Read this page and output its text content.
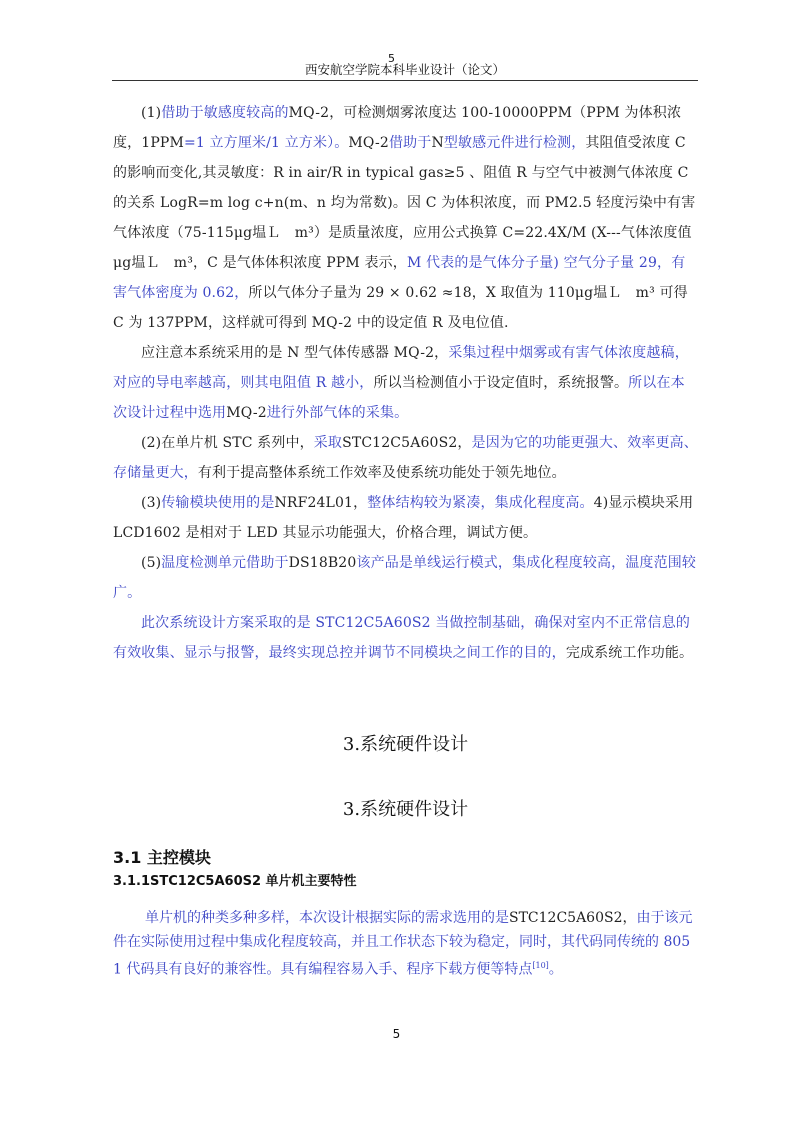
西安航空学院本科毕业设计（论文）
5

(1)借助于敏感度较高的MQ-2，可检测烟雾浓度达 100-10000PPM（PPM 为体积浓度，1PPM=1 立方厘米/1 立方米）。MQ-2借助于N型敏感元件进行检测，其阻值受浓度 C 的影响而变化,其灵敏度：R in air/R in typical gas≥5 、阻值 R 与空气中被测气体浓度 C 的关系 LogR=m log c+n(m、n 均为常数)。因 C 为体积浓度，而 PM2.5 轻度污染中有害气体浓度（75-115μg塭Ｌ　m³）是质量浓度，应用公式换算 C=22.4X/M (X---气体浓度值μg塭Ｌ　m³，C 是气体体积浓度 PPM 表示，M 代表的是气体分子量) 空气分子量 29，有害气体密度为 0.62，所以气体分子量为 29 × 0.62 ≈18，X 取值为 110μg塭Ｌ　m³ 可得 C 为 137PPM，这样就可得到 MQ-2 中的设定值 R 及电位值.

应注意本系统采用的是 N 型气体传感器 MQ-2，采集过程中烟雾或有害气体浓度越稿，对应的导电率越高，则其电阻值 R 越小，所以当检测值小于设定值时，系统报警。所以在本次设计过程中选用MQ-2进行外部气体的采集。

(2)在单片机 STC 系列中，采取STC12C5A60S2，是因为它的功能更强大、效率更高、存储量更大，有利于提高整体系统工作效率及使系统功能处于领先地位。

(3)传输模块使用的是NRF24L01，整体结构较为紧凑，集成化程度高。4)显示模块采用 LCD1602 是相对于 LED 其显示功能强大，价格合理，调试方便。

(5)温度检测单元借助于DS18B20该产品是单线运行模式，集成化程度较高，温度范围较广。

此次系统设计方案采取的是 STC12C5A60S2 当做控制基础，确保对室内不正常信息的有效收集、显示与报警，最终实现总控并调节不同模块之间工作的目的，完成系统工作功能。

3.系统硬件设计
3.系统硬件设计
3.1 主控模块
3.1.1STC12C5A60S2 单片机主要特性

单片机的种类多种多样，本次设计根据实际的需求选用的是STC12C5A60S2，由于该元件在实际使用过程中集成化程度较高，并且工作状态下较为稳定，同时，其代码同传统的 8051 代码具有良好的兼容性。具有编程容易入手、程序下载方便等特点[10]。

5
